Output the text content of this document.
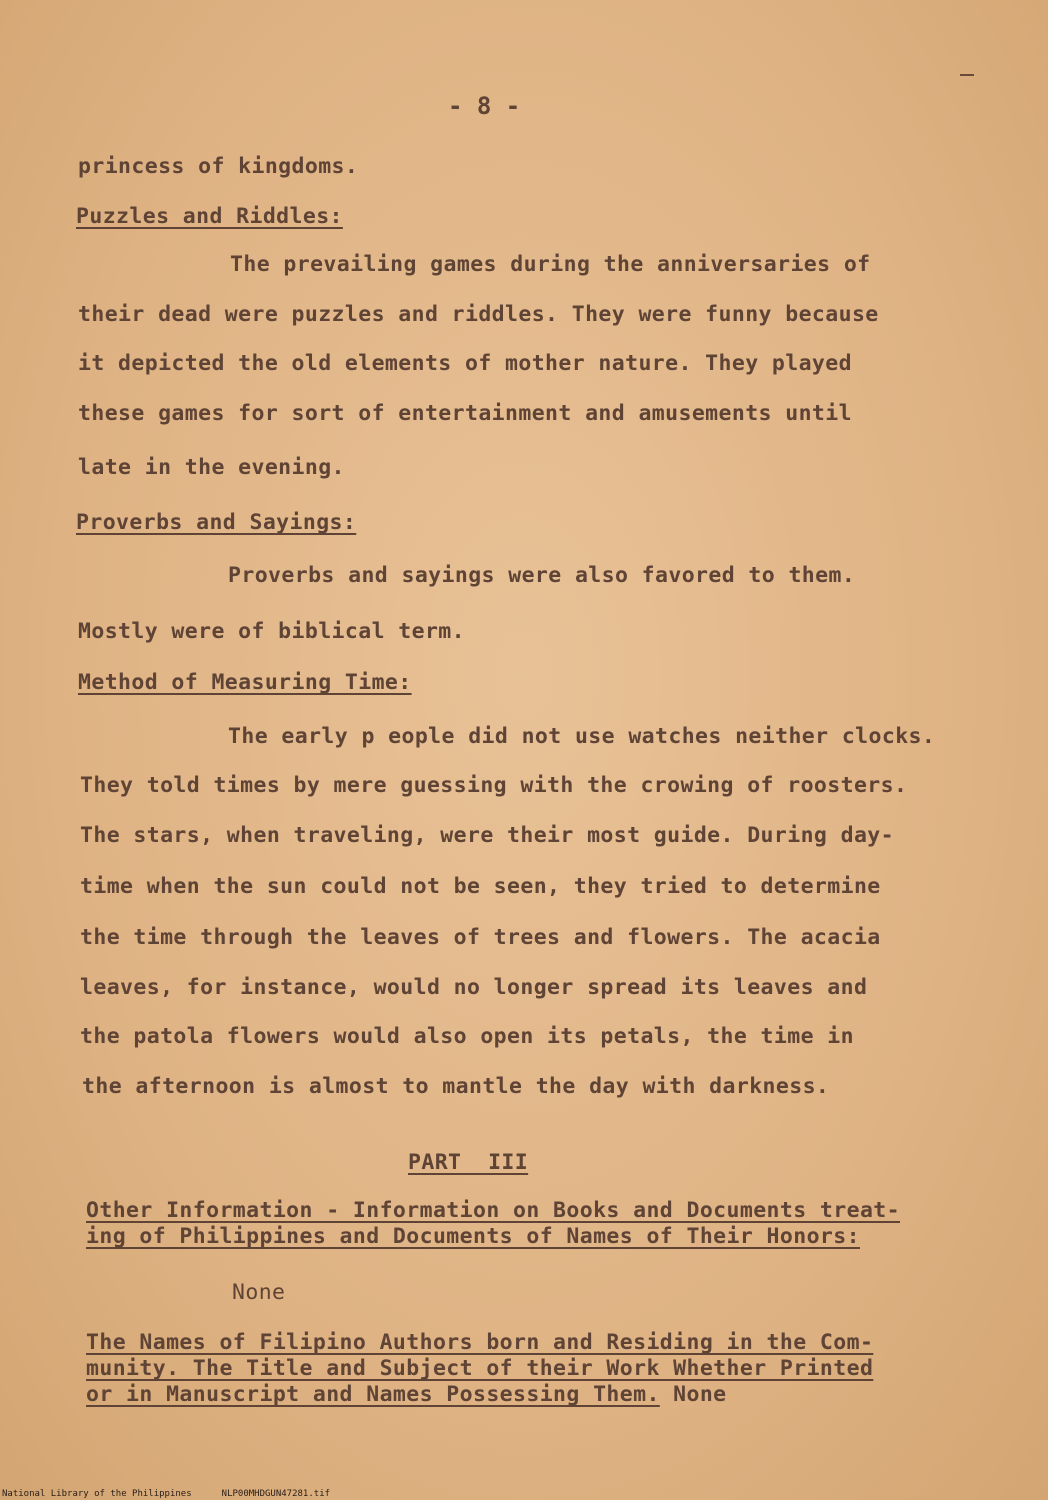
- 8 -
princess of kingdoms.
Puzzles and Riddles:
The prevailing games during the anniversaries of
their dead were puzzles and riddles. They were funny because
it depicted the old elements of mother nature. They played
these games for sort of entertainment and amusements until
late in the evening.
Proverbs and Sayings:
Proverbs and sayings were also favored to them.
Mostly were of biblical term.
Method of Measuring Time:
The early p eople did not use watches neither clocks.
They told times by mere guessing with the crowing of roosters.
The stars, when traveling, were their most guide. During day-
time when the sun could not be seen, they tried to determine
the time through the leaves of trees and flowers. The acacia
leaves, for instance, would no longer spread its leaves and
the patola flowers would also open its petals, the time in
the afternoon is almost to mantle the day with darkness.
PART  III
Other Information - Information on Books and Documents treat-
ing of Philippines and Documents of Names of Their Honors:
None
The Names of Filipino Authors born and Residing in the Com-
munity. The Title and Subject of their Work Whether Printed
or in Manuscript and Names Possessing Them. None
National Library of the Philippines	NLP00MHDGUN47281.tif
